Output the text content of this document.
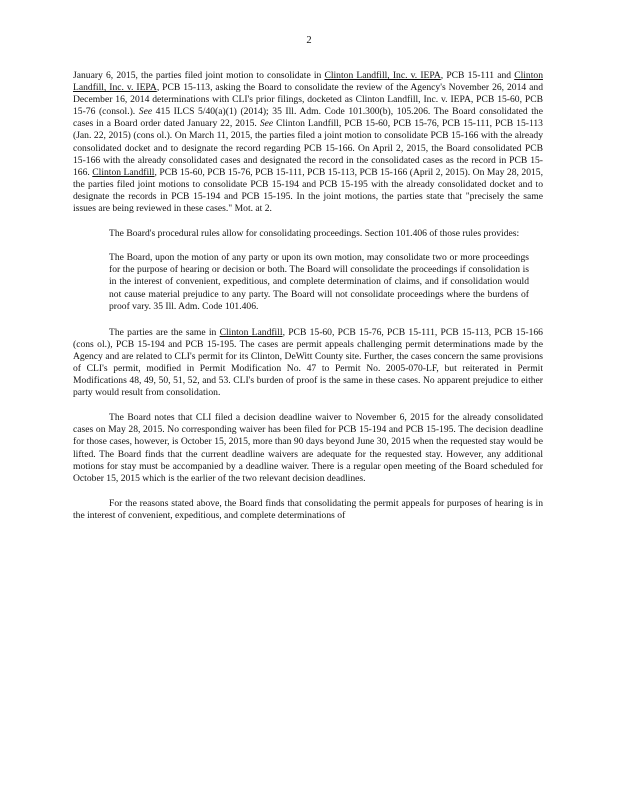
2

January 6, 2015, the parties filed joint motion to consolidate in Clinton Landfill, Inc. v. IEPA, PCB 15-111 and Clinton Landfill, Inc. v. IEPA, PCB 15-113, asking the Board to consolidate the review of the Agency's November 26, 2014 and December 16, 2014 determinations with CLI's prior filings, docketed as Clinton Landfill, Inc. v. IEPA, PCB 15-60, PCB 15-76 (consol.). See 415 ILCS 5/40(a)(1) (2014); 35 Ill. Adm. Code 101.300(b), 105.206. The Board consolidated the cases in a Board order dated January 22, 2015. See Clinton Landfill, PCB 15-60, PCB 15-76, PCB 15-111, PCB 15-113 (Jan. 22, 2015) (cons ol.). On March 11, 2015, the parties filed a joint motion to consolidate PCB 15-166 with the already consolidated docket and to designate the record regarding PCB 15-166. On April 2, 2015, the Board consolidated PCB 15-166 with the already consolidated cases and designated the record in the consolidated cases as the record in PCB 15-166. Clinton Landfill, PCB 15-60, PCB 15-76, PCB 15-111, PCB 15-113, PCB 15-166 (April 2, 2015). On May 28, 2015, the parties filed joint motions to consolidate PCB 15-194 and PCB 15-195 with the already consolidated docket and to designate the records in PCB 15-194 and PCB 15-195. In the joint motions, the parties state that "precisely the same issues are being reviewed in these cases." Mot. at 2.

The Board's procedural rules allow for consolidating proceedings. Section 101.406 of those rules provides:

The Board, upon the motion of any party or upon its own motion, may consolidate two or more proceedings for the purpose of hearing or decision or both. The Board will consolidate the proceedings if consolidation is in the interest of convenient, expeditious, and complete determination of claims, and if consolidation would not cause material prejudice to any party. The Board will not consolidate proceedings where the burdens of proof vary. 35 Ill. Adm. Code 101.406.

The parties are the same in Clinton Landfill, PCB 15-60, PCB 15-76, PCB 15-111, PCB 15-113, PCB 15-166 (cons ol.), PCB 15-194 and PCB 15-195. The cases are permit appeals challenging permit determinations made by the Agency and are related to CLI's permit for its Clinton, DeWitt County site. Further, the cases concern the same provisions of CLI's permit, modified in Permit Modification No. 47 to Permit No. 2005-070-LF, but reiterated in Permit Modifications 48, 49, 50, 51, 52, and 53. CLI's burden of proof is the same in these cases. No apparent prejudice to either party would result from consolidation.

The Board notes that CLI filed a decision deadline waiver to November 6, 2015 for the already consolidated cases on May 28, 2015. No corresponding waiver has been filed for PCB 15-194 and PCB 15-195. The decision deadline for those cases, however, is October 15, 2015, more than 90 days beyond June 30, 2015 when the requested stay would be lifted. The Board finds that the current deadline waivers are adequate for the requested stay. However, any additional motions for stay must be accompanied by a deadline waiver. There is a regular open meeting of the Board scheduled for October 15, 2015 which is the earlier of the two relevant decision deadlines.

For the reasons stated above, the Board finds that consolidating the permit appeals for purposes of hearing is in the interest of convenient, expeditious, and complete determinations of
